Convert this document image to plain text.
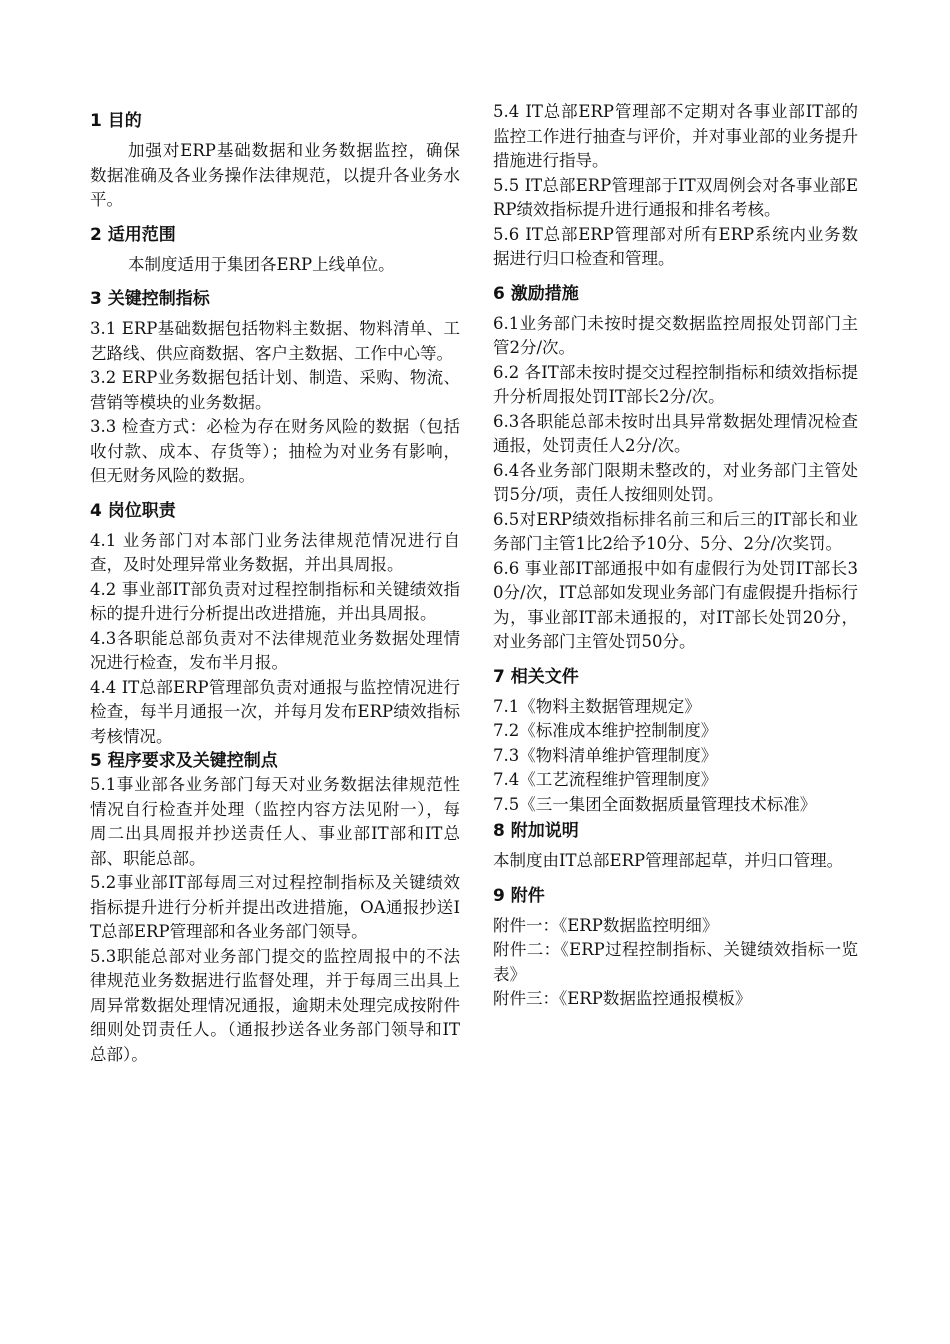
1 目的

加强对ERP基础数据和业务数据监控，确保数据准确及各业务操作法律规范，以提升各业务水平。

2 适用范围

本制度适用于集团各ERP上线单位。

3 关键控制指标

3.1 ERP基础数据包括物料主数据、物料清单、工艺路线、供应商数据、客户主数据、工作中心等。

3.2 ERP业务数据包括计划、制造、采购、物流、营销等模块的业务数据。

3.3 检查方式：必检为存在财务风险的数据（包括收付款、成本、存货等）；抽检为对业务有影响，但无财务风险的数据。

4 岗位职责

4.1 业务部门对本部门业务法律规范情况进行自查，及时处理异常业务数据，并出具周报。

4.2 事业部IT部负责对过程控制指标和关键绩效指标的提升进行分析提出改进措施，并出具周报。

4.3各职能总部负责对不法律规范业务数据处理情况进行检查，发布半月报。

4.4 IT总部ERP管理部负责对通报与监控情况进行检查，每半月通报一次，并每月发布ERP绩效指标考核情况。

5 程序要求及关键控制点

5.1事业部各业务部门每天对业务数据法律规范性情况自行检查并处理（监控内容方法见附一），每周二出具周报并抄送责任人、事业部IT部和IT总部、职能总部。

5.2事业部IT部每周三对过程控制指标及关键绩效指标提升进行分析并提出改进措施，OA通报抄送IT总部ERP管理部和各业务部门领导。

5.3职能总部对业务部门提交的监控周报中的不法律规范业务数据进行监督处理，并于每周三出具上周异常数据处理情况通报，逾期未处理完成按附件细则处罚责任人。（通报抄送各业务部门领导和IT总部）。

5.4 IT总部ERP管理部不定期对各事业部IT部的监控工作进行抽查与评价，并对事业部的业务提升措施进行指导。

5.5 IT总部ERP管理部于IT双周例会对各事业部ERP绩效指标提升进行通报和排名考核。

5.6 IT总部ERP管理部对所有ERP系统内业务数据进行归口检查和管理。

6 激励措施

6.1业务部门未按时提交数据监控周报处罚部门主管2分/次。

6.2 各IT部未按时提交过程控制指标和绩效指标提升分析周报处罚IT部长2分/次。

6.3各职能总部未按时出具异常数据处理情况检查通报，处罚责任人2分/次。

6.4各业务部门限期未整改的，对业务部门主管处罚5分/项，责任人按细则处罚。

6.5对ERP绩效指标排名前三和后三的IT部长和业务部门主管1比2给予10分、5分、2分/次奖罚。

6.6 事业部IT部通报中如有虚假行为处罚IT部长30分/次，IT总部如发现业务部门有虚假提升指标行为，事业部IT部未通报的，对IT部长处罚20分，对业务部门主管处罚50分。

7 相关文件

7.1《物料主数据管理规定》

7.2《标准成本维护控制制度》

7.3《物料清单维护管理制度》

7.4《工艺流程维护管理制度》

7.5《三一集团全面数据质量管理技术标准》

8 附加说明

本制度由IT总部ERP管理部起草，并归口管理。

9 附件

附件一：《ERP数据监控明细》

附件二：《ERP过程控制指标、关键绩效指标一览表》

附件三：《ERP数据监控通报模板》
